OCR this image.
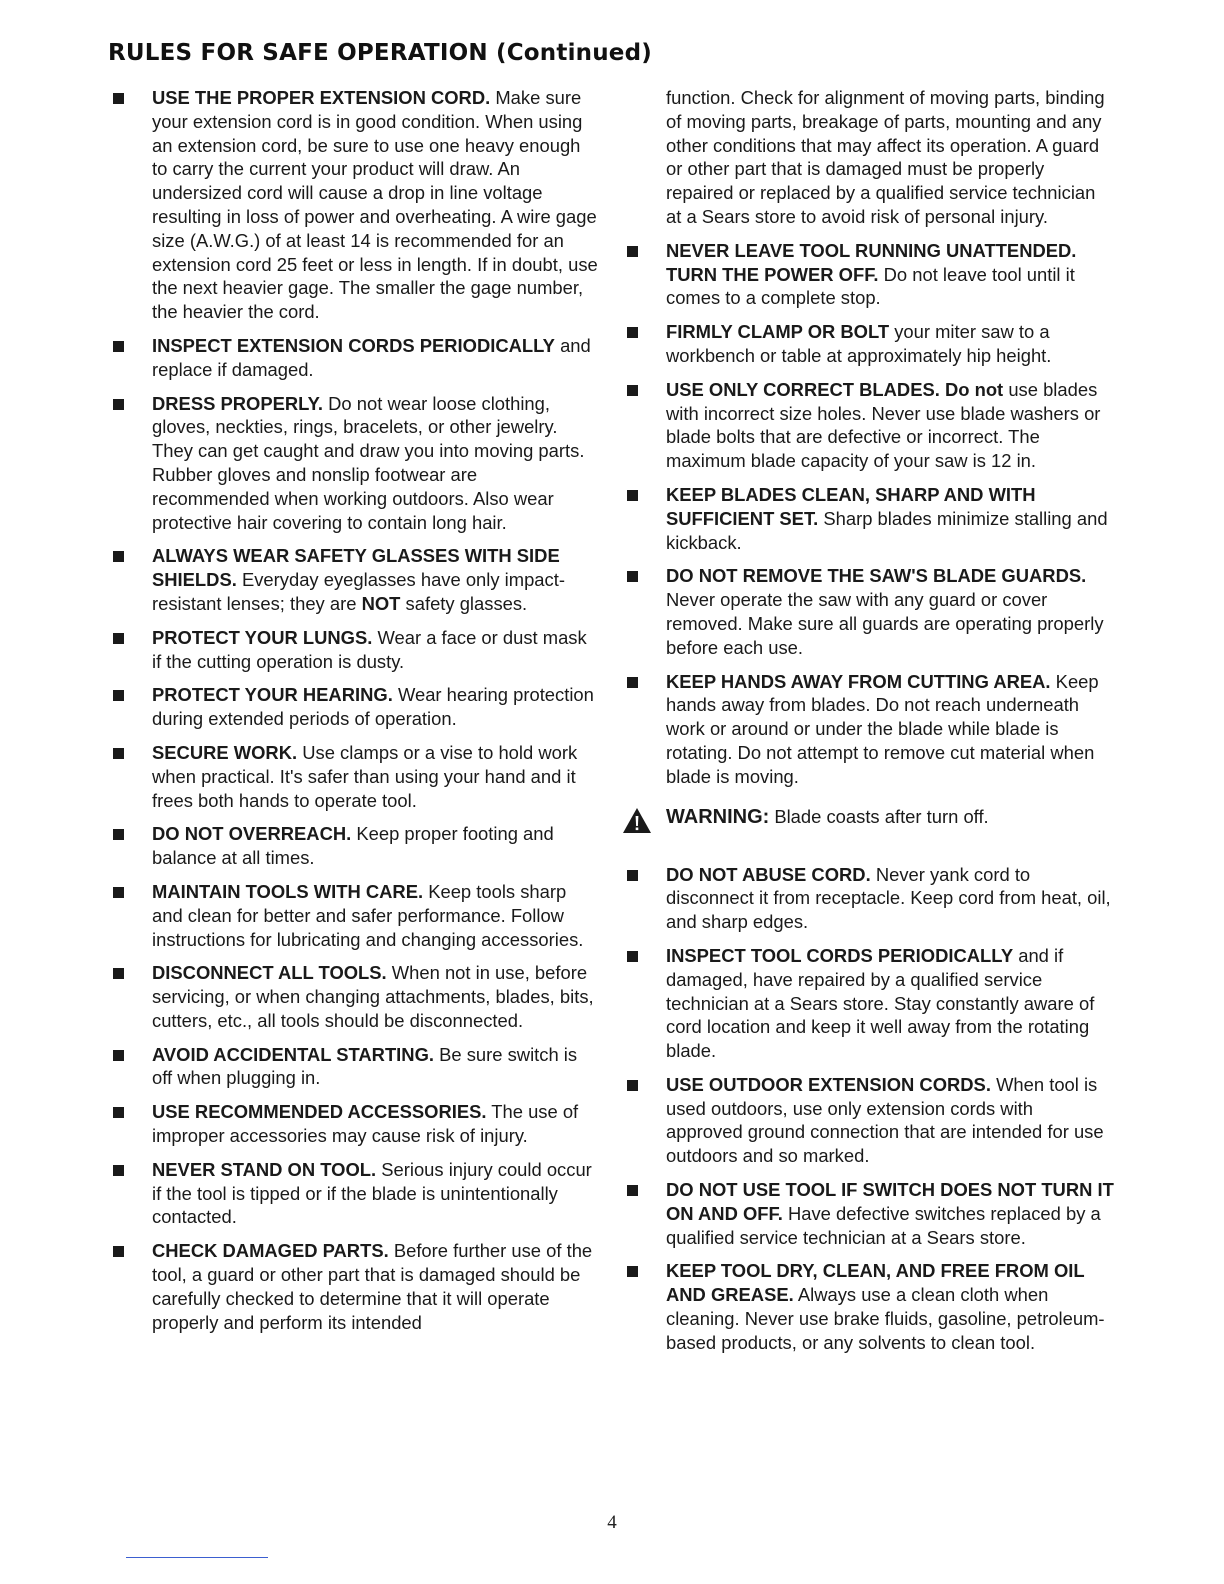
RULES FOR SAFE OPERATION (Continued)

USE THE PROPER EXTENSION CORD. Make sure your extension cord is in good condition. When using an extension cord, be sure to use one heavy enough to carry the current your product will draw. An undersized cord will cause a drop in line voltage resulting in loss of power and overheating. A wire gage size (A.W.G.) of at least 14 is recommended for an extension cord 25 feet or less in length. If in doubt, use the next heavier gage. The smaller the gage number, the heavier the cord.

INSPECT EXTENSION CORDS PERIODICALLY and replace if damaged.

DRESS PROPERLY. Do not wear loose clothing, gloves, neckties, rings, bracelets, or other jewelry. They can get caught and draw you into moving parts. Rubber gloves and nonslip footwear are recommended when working outdoors. Also wear protective hair covering to contain long hair.

ALWAYS WEAR SAFETY GLASSES WITH SIDE SHIELDS. Everyday eyeglasses have only impact-resistant lenses; they are NOT safety glasses.

PROTECT YOUR LUNGS. Wear a face or dust mask if the cutting operation is dusty.

PROTECT YOUR HEARING. Wear hearing protection during extended periods of operation.

SECURE WORK. Use clamps or a vise to hold work when practical. It's safer than using your hand and it frees both hands to operate tool.

DO NOT OVERREACH. Keep proper footing and balance at all times.

MAINTAIN TOOLS WITH CARE. Keep tools sharp and clean for better and safer performance. Follow instructions for lubricating and changing accessories.

DISCONNECT ALL TOOLS. When not in use, before servicing, or when changing attachments, blades, bits, cutters, etc., all tools should be disconnected.

AVOID ACCIDENTAL STARTING. Be sure switch is off when plugging in.

USE RECOMMENDED ACCESSORIES. The use of improper accessories may cause risk of injury.

NEVER STAND ON TOOL. Serious injury could occur if the tool is tipped or if the blade is unintentionally contacted.

CHECK DAMAGED PARTS. Before further use of the tool, a guard or other part that is damaged should be carefully checked to determine that it will operate properly and perform its intended

function. Check for alignment of moving parts, binding of moving parts, breakage of parts, mounting and any other conditions that may affect its operation. A guard or other part that is damaged must be properly repaired or replaced by a qualified service technician at a Sears store to avoid risk of personal injury.

NEVER LEAVE TOOL RUNNING UNATTENDED. TURN THE POWER OFF. Do not leave tool until it comes to a complete stop.

FIRMLY CLAMP OR BOLT your miter saw to a workbench or table at approximately hip height.

USE ONLY CORRECT BLADES. Do not use blades with incorrect size holes. Never use blade washers or blade bolts that are defective or incorrect. The maximum blade capacity of your saw is 12 in.

KEEP BLADES CLEAN, SHARP AND WITH SUFFICIENT SET. Sharp blades minimize stalling and kickback.

DO NOT REMOVE THE SAW'S BLADE GUARDS. Never operate the saw with any guard or cover removed. Make sure all guards are operating properly before each use.

KEEP HANDS AWAY FROM CUTTING AREA. Keep hands away from blades. Do not reach underneath work or around or under the blade while blade is rotating. Do not attempt to remove cut material when blade is moving.

WARNING: Blade coasts after turn off.

DO NOT ABUSE CORD. Never yank cord to disconnect it from receptacle. Keep cord from heat, oil, and sharp edges.

INSPECT TOOL CORDS PERIODICALLY and if damaged, have repaired by a qualified service technician at a Sears store. Stay constantly aware of cord location and keep it well away from the rotating blade.

USE OUTDOOR EXTENSION CORDS. When tool is used outdoors, use only extension cords with approved ground connection that are intended for use outdoors and so marked.

DO NOT USE TOOL IF SWITCH DOES NOT TURN IT ON AND OFF. Have defective switches replaced by a qualified service technician at a Sears store.

KEEP TOOL DRY, CLEAN, AND FREE FROM OIL AND GREASE. Always use a clean cloth when cleaning. Never use brake fluids, gasoline, petroleum-based products, or any solvents to clean tool.

4
